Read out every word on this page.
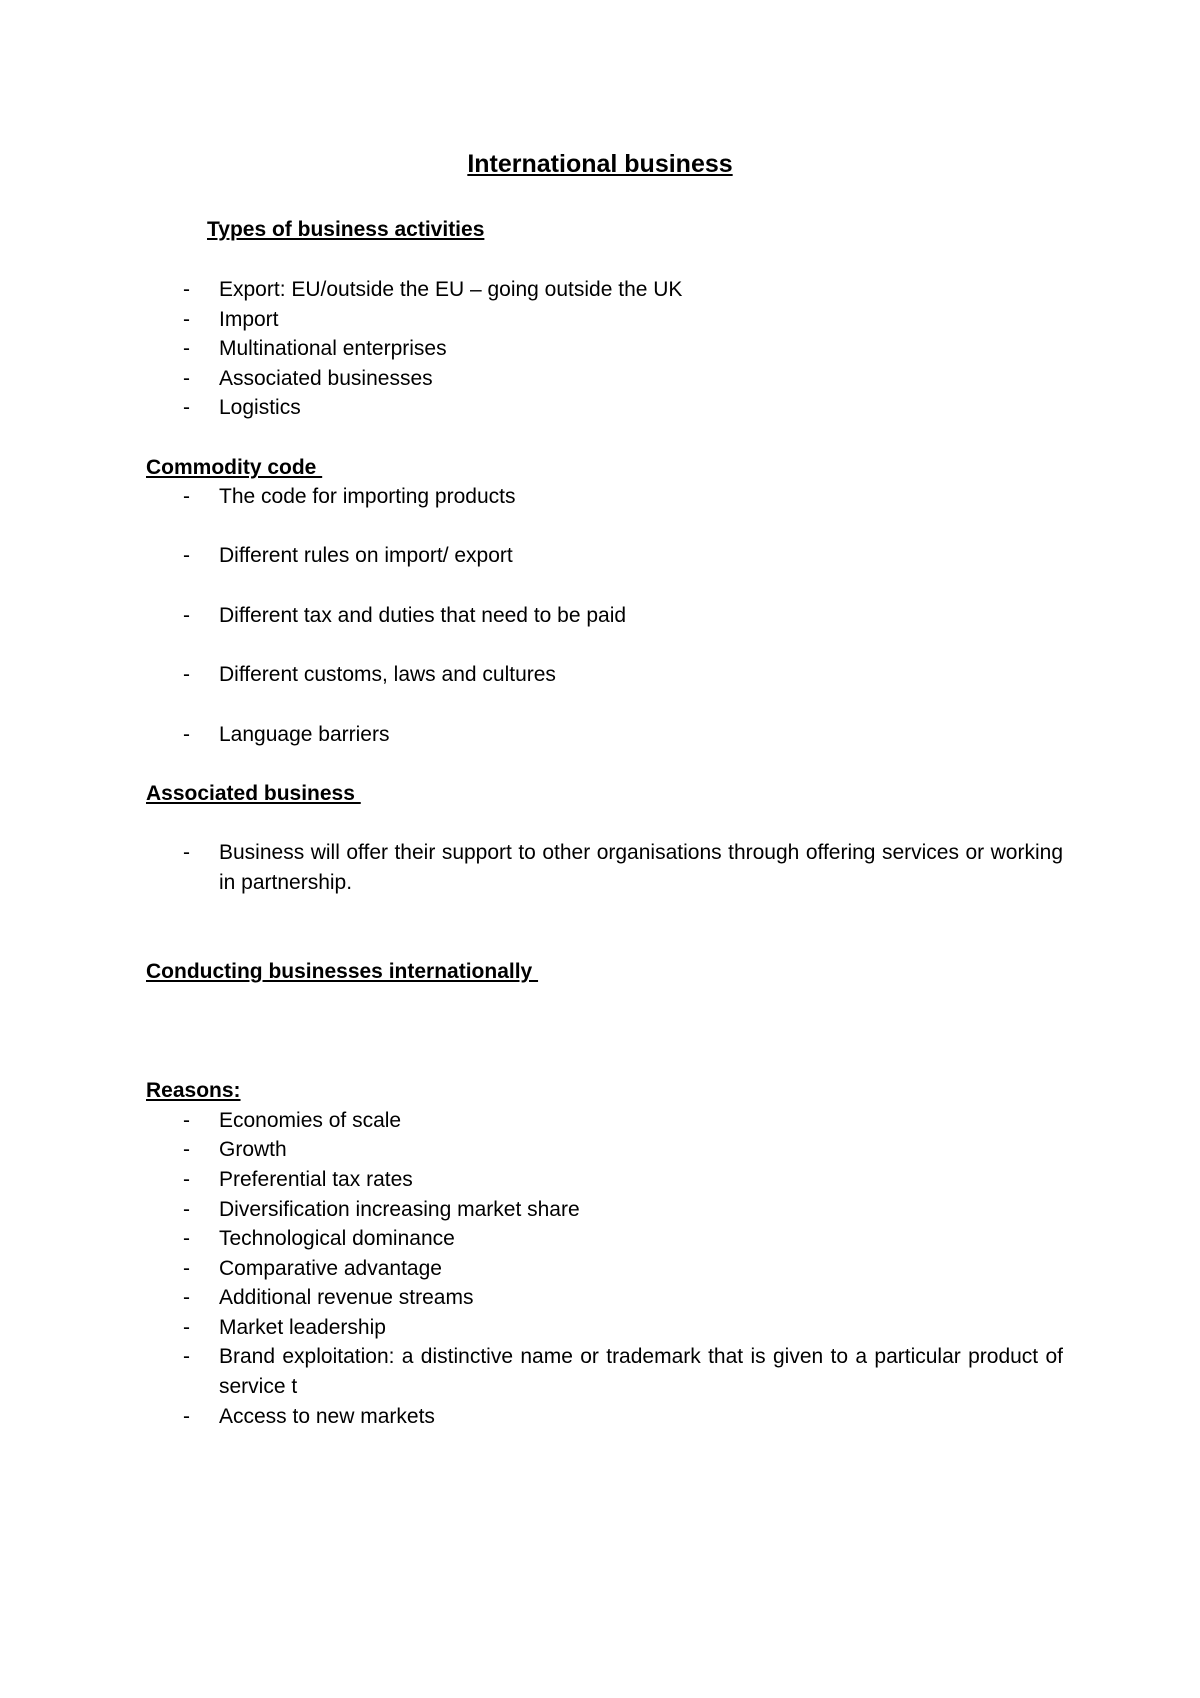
International business
Types of business activities
- Export: EU/outside the EU – going outside the UK
- Import
- Multinational enterprises
- Associated businesses
- Logistics
Commodity code
- The code for importing products
- Different rules on import/ export
- Different tax and duties that need to be paid
- Different customs, laws and cultures
- Language barriers
Associated business
- Business will offer their support to other organisations through offering services or working in partnership.
Conducting businesses internationally
Reasons:
- Economies of scale
- Growth
- Preferential tax rates
- Diversification increasing market share
- Technological dominance
- Comparative advantage
- Additional revenue streams
- Market leadership
- Brand exploitation: a distinctive name or trademark that is given to a particular product of service t
- Access to new markets
